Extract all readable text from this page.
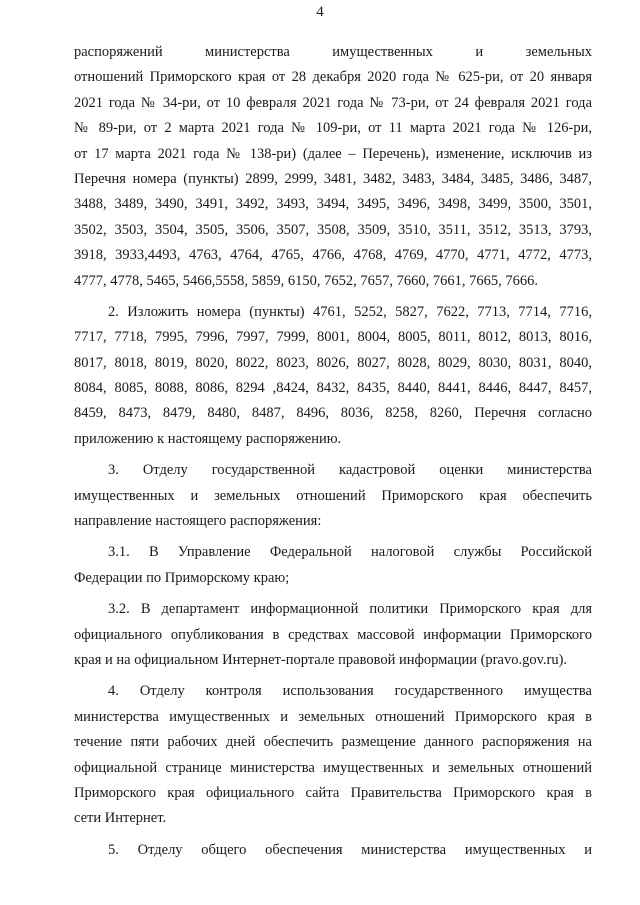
4
распоряжений министерства имущественных и земельных
отношений Приморского края от 28 декабря 2020 года № 625-ри, от 20 января
2021 года № 34-ри, от 10 февраля 2021 года № 73-ри, от 24 февраля 2021 года
№ 89-ри, от 2 марта 2021 года № 109-ри, от 11 марта 2021 года № 126-ри,
от 17 марта 2021 года № 138-ри) (далее – Перечень), изменение, исключив из
Перечня номера (пункты) 2899, 2999, 3481, 3482, 3483, 3484, 3485, 3486, 3487,
3488, 3489, 3490, 3491, 3492, 3493, 3494, 3495, 3496, 3498, 3499, 3500, 3501,
3502, 3503, 3504, 3505, 3506, 3507, 3508, 3509, 3510, 3511, 3512, 3513, 3793,
3918, 3933,4493, 4763, 4764, 4765, 4766, 4768, 4769, 4770, 4771, 4772, 4773,
4777, 4778, 5465, 5466,5558, 5859, 6150, 7652, 7657, 7660, 7661, 7665, 7666.
2. Изложить номера (пункты) 4761, 5252, 5827, 7622, 7713, 7714, 7716,
7717, 7718, 7995, 7996, 7997, 7999, 8001, 8004, 8005, 8011, 8012, 8013, 8016,
8017, 8018, 8019, 8020, 8022, 8023, 8026, 8027, 8028, 8029, 8030, 8031, 8040,
8084, 8085, 8088, 8086, 8294 ,8424, 8432, 8435, 8440, 8441, 8446, 8447, 8457,
8459, 8473, 8479, 8480, 8487, 8496, 8036, 8258, 8260, Перечня согласно
приложению к настоящему распоряжению.
3. Отделу государственной кадастровой оценки министерства
имущественных и земельных отношений Приморского края обеспечить
направление настоящего распоряжения:
3.1. В Управление Федеральной налоговой службы Российской
Федерации по Приморскому краю;
3.2. В департамент информационной политики Приморского края для
официального опубликования в средствах массовой информации Приморского
края и на официальном Интернет-портале правовой информации (pravo.gov.ru).
4. Отделу контроля использования государственного имущества
министерства имущественных и земельных отношений Приморского края в
течение пяти рабочих дней обеспечить размещение данного распоряжения на
официальной странице министерства имущественных и земельных отношений
Приморского края официального сайта Правительства Приморского края в
сети Интернет.
5. Отделу общего обеспечения министерства имущественных и
